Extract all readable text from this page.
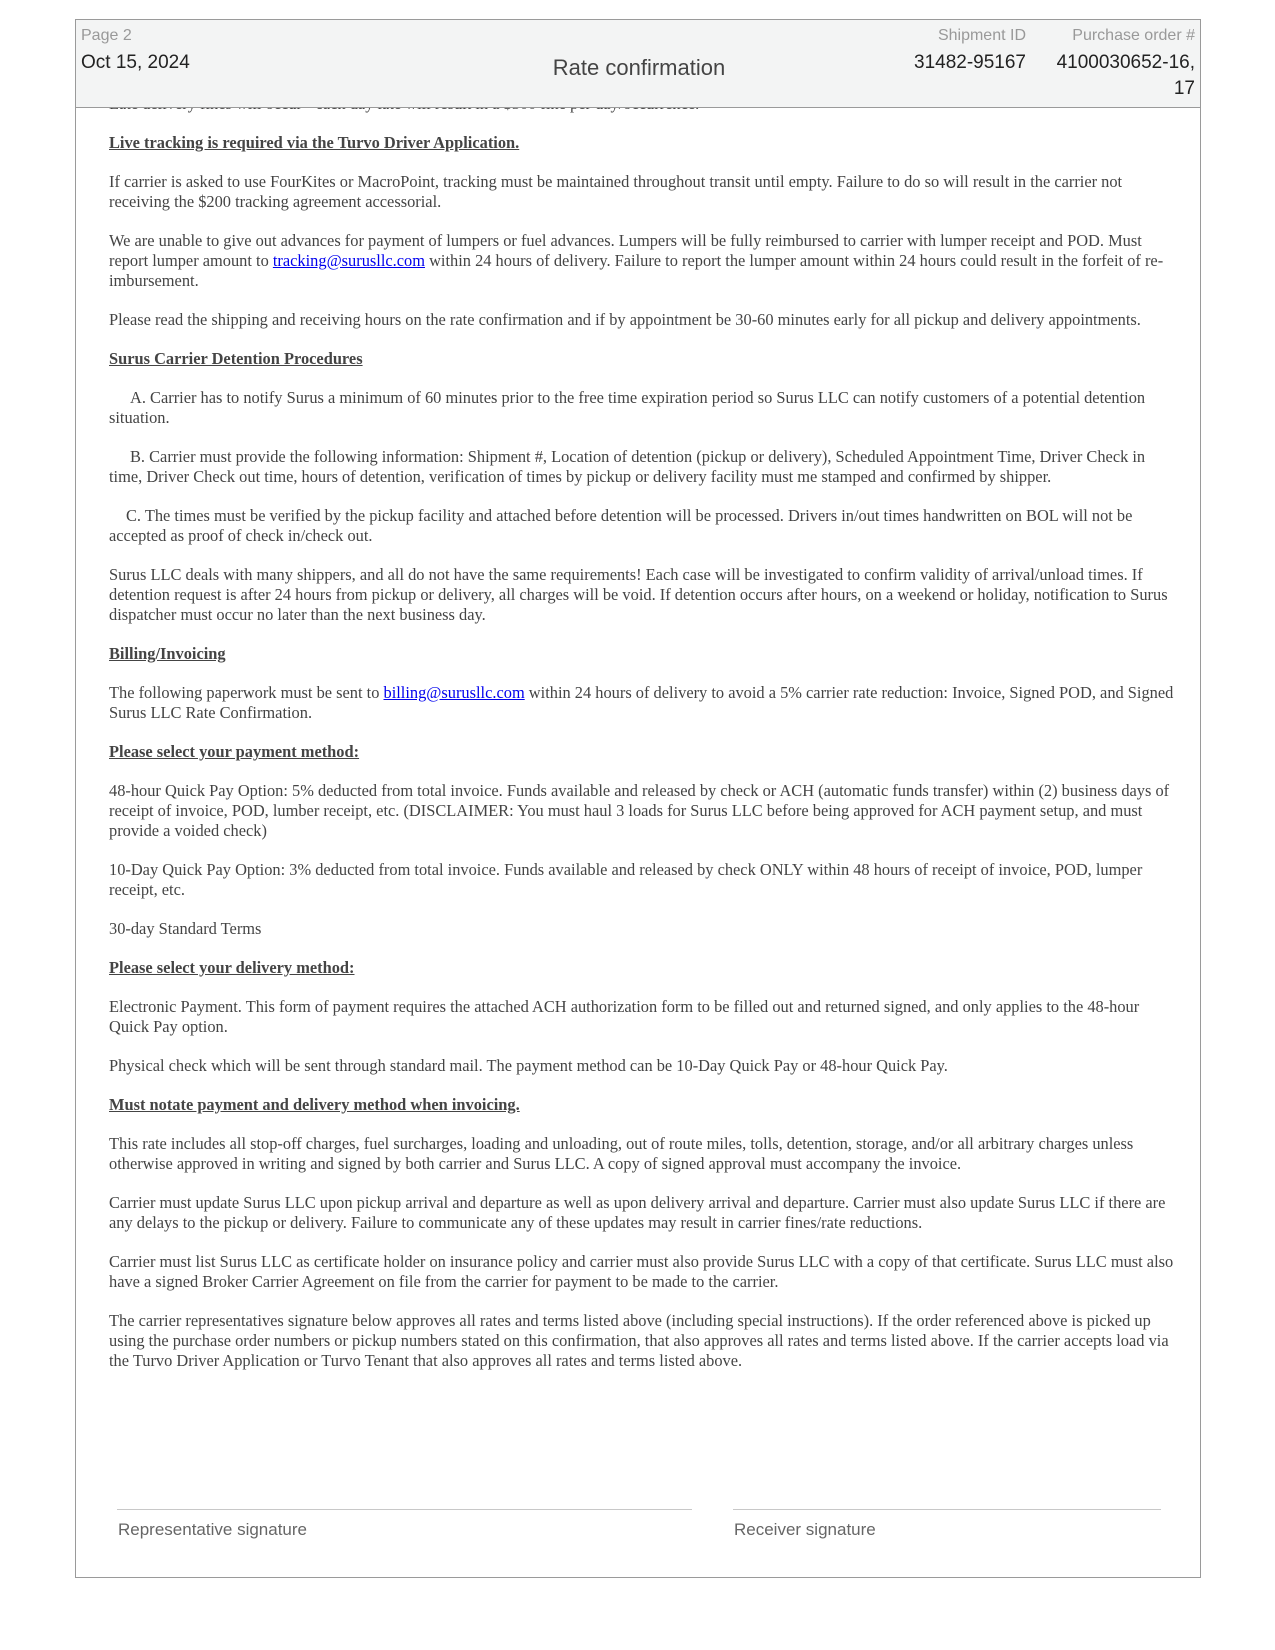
Live tracking is required via the Turvo Driver Application.

If carrier is asked to use FourKites or MacroPoint, tracking must be maintained throughout transit until empty. Failure to do so will result in the carrier not receiving the $200 tracking agreement accessorial.

We are unable to give out advances for payment of lumpers or fuel advances. Lumpers will be fully reimbursed to carrier with lumper receipt and POD. Must report lumper amount to tracking@surusllc.com within 24 hours of delivery. Failure to report the lumper amount within 24 hours could result in the forfeit of re-imbursement.

Please read the shipping and receiving hours on the rate confirmation and if by appointment be 30-60 minutes early for all pickup and delivery appointments.

Surus Carrier Detention Procedures

A. Carrier has to notify Surus a minimum of 60 minutes prior to the free time expiration period so Surus LLC can notify customers of a potential detention situation.

B. Carrier must provide the following information: Shipment #, Location of detention (pickup or delivery), Scheduled Appointment Time, Driver Check in time, Driver Check out time, hours of detention, verification of times by pickup or delivery facility must me stamped and confirmed by shipper.

C. The times must be verified by the pickup facility and attached before detention will be processed. Drivers in/out times handwritten on BOL will not be accepted as proof of check in/check out.

Surus LLC deals with many shippers, and all do not have the same requirements! Each case will be investigated to confirm validity of arrival/unload times. If detention request is after 24 hours from pickup or delivery, all charges will be void. If detention occurs after hours, on a weekend or holiday, notification to Surus dispatcher must occur no later than the next business day.

Billing/Invoicing

The following paperwork must be sent to billing@surusllc.com within 24 hours of delivery to avoid a 5% carrier rate reduction: Invoice, Signed POD, and Signed Surus LLC Rate Confirmation.

Please select your payment method:

48-hour Quick Pay Option: 5% deducted from total invoice. Funds available and released by check or ACH (automatic funds transfer) within (2) business days of receipt of invoice, POD, lumber receipt, etc. (DISCLAIMER: You must haul 3 loads for Surus LLC before being approved for ACH payment setup, and must provide a voided check)

10-Day Quick Pay Option: 3% deducted from total invoice. Funds available and released by check ONLY within 48 hours of receipt of invoice, POD, lumper receipt, etc.

30-day Standard Terms

Please select your delivery method:

Electronic Payment. This form of payment requires the attached ACH authorization form to be filled out and returned signed, and only applies to the 48-hour Quick Pay option.

Physical check which will be sent through standard mail. The payment method can be 10-Day Quick Pay or 48-hour Quick Pay.

Must notate payment and delivery method when invoicing.

This rate includes all stop-off charges, fuel surcharges, loading and unloading, out of route miles, tolls, detention, storage, and/or all arbitrary charges unless otherwise approved in writing and signed by both carrier and Surus LLC. A copy of signed approval must accompany the invoice.

Carrier must update Surus LLC upon pickup arrival and departure as well as upon delivery arrival and departure. Carrier must also update Surus LLC if there are any delays to the pickup or delivery. Failure to communicate any of these updates may result in carrier fines/rate reductions.

Carrier must list Surus LLC as certificate holder on insurance policy and carrier must also provide Surus LLC with a copy of that certificate. Surus LLC must also have a signed Broker Carrier Agreement on file from the carrier for payment to be made to the carrier.

The carrier representatives signature below approves all rates and terms listed above (including special instructions). If the order referenced above is picked up using the purchase order numbers or pickup numbers stated on this confirmation, that also approves all rates and terms listed above. If the carrier accepts load via the Turvo Driver Application or Turvo Tenant that also approves all rates and terms listed above.

Page 2
Oct 15, 2024	Rate confirmation
Shipment ID
31482-95167
Purchase order #
4100030652-16,
17
Representative signature	Receiver signature
